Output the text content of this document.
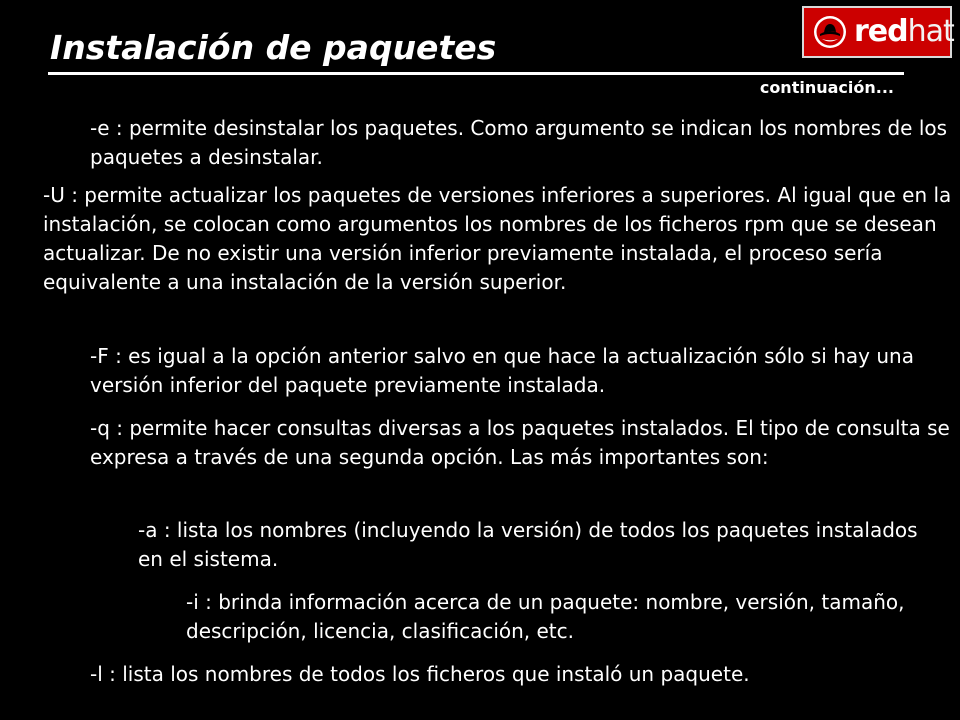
Instalación de paquetes
continuación...
redhat

-e : permite desinstalar los paquetes. Como argumento se indican los nombres de los paquetes a desinstalar.

-U : permite actualizar los paquetes de versiones inferiores a superiores. Al igual que en la instalación, se colocan como argumentos los nombres de los ficheros rpm que se desean actualizar. De no existir una versión inferior previamente instalada, el proceso sería equivalente a una instalación de la versión superior.

-F : es igual a la opción anterior salvo en que hace la actualización sólo si hay una versión inferior del paquete previamente instalada.

-q : permite hacer consultas diversas a los paquetes instalados. El tipo de consulta se expresa a través de una segunda opción. Las más importantes son:

-a : lista los nombres (incluyendo la versión) de todos los paquetes instalados en el sistema.

-i : brinda información acerca de un paquete: nombre, versión, tamaño, descripción, licencia, clasificación, etc.

-l : lista los nombres de todos los ficheros que instaló un paquete.
